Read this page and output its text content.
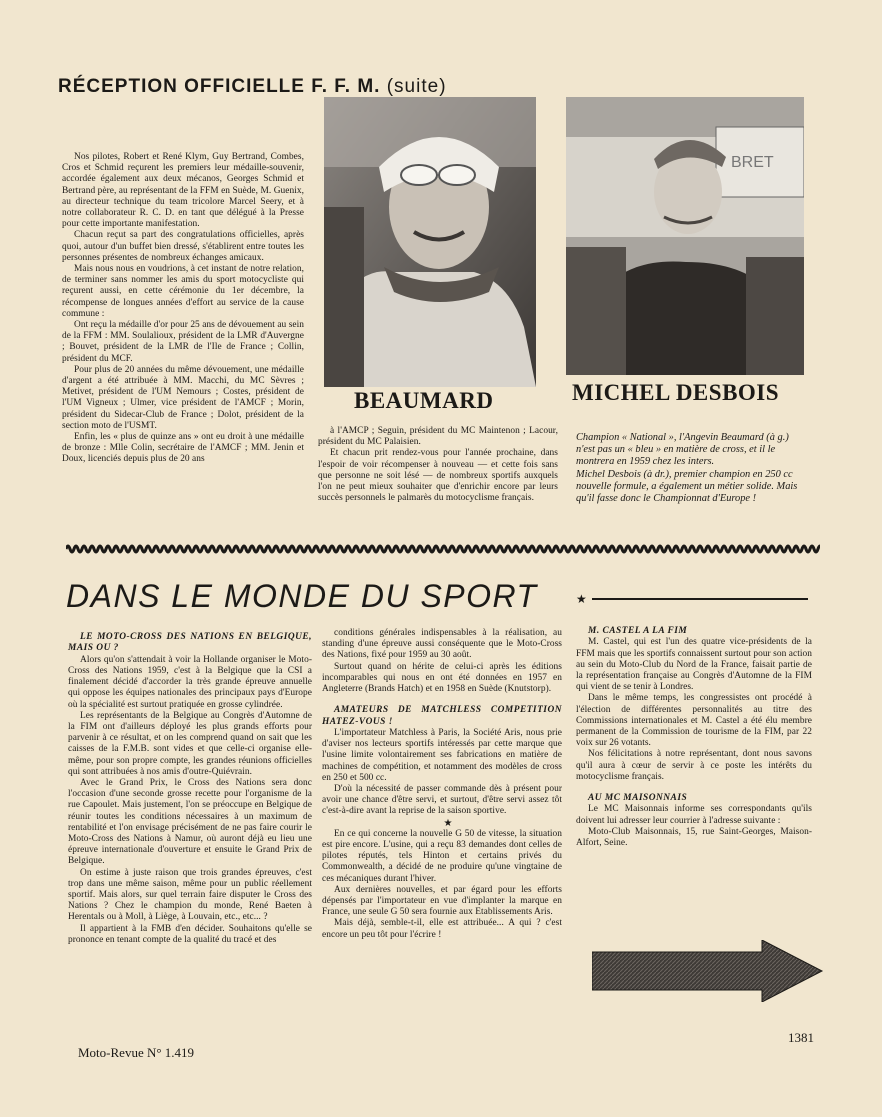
RÉCEPTION OFFICIELLE F. F. M. (suite)

Nos pilotes, Robert et René Klym, Guy Bertrand, Combes, Cros et Schmid reçurent les premiers leur médaille-souvenir, accordée également aux deux mécanos, Georges Schmid et Bertrand père, au représentant de la FFM en Suède, M. Guenix, au directeur technique du team tricolore Marcel Seery, et à notre collaborateur R. C. D. en tant que délégué à la Presse pour cette importante manifestation.

Chacun reçut sa part des congratulations officielles, après quoi, autour d'un buffet bien dressé, s'établirent entre toutes les personnes présentes de nombreux échanges amicaux.

Mais nous nous en voudrions, à cet instant de notre relation, de terminer sans nommer les amis du sport motocycliste qui reçurent aussi, en cette cérémonie du 1er décembre, la récompense de longues années d'effort au service de la cause commune :

Ont reçu la médaille d'or pour 25 ans de dévouement au sein de la FFM : MM. Soulalioux, président de la LMR d'Auvergne ; Bouvet, président de la LMR de l'Ile de France ; Collin, président du MCF.

Pour plus de 20 années du même dévouement, une médaille d'argent a été attribuée à MM. Macchi, du MC Sèvres ; Metivet, président de l'UM Nemours ; Costes, président de l'UM Vigneux ; Ulmer, vice président de l'AMCF ; Morin, président du Sidecar-Club de France ; Dolot, président de la section moto de l'USMT.

Enfin, les « plus de quinze ans » ont eu droit à une médaille de bronze : Mlle Colin, secrétaire de l'AMCF ; MM. Jenin et Doux, licenciés depuis plus de 20 ans

BRET
BEAUMARD	MICHEL DESBOIS

à l'AMCP ; Seguin, président du MC Maintenon ; Lacour, président du MC Palaisien.

Et chacun prit rendez-vous pour l'année prochaine, dans l'espoir de voir récompenser à nouveau — et cette fois sans que personne ne soit lésé — de nombreux sportifs auxquels l'on ne peut mieux souhaiter que d'enrichir encore par leurs succès personnels le palmarès du motocyclisme français.

Champion « National », l'Angevin Beaumard (à g.) n'est pas un « bleu » en matière de cross, et il le montrera en 1959 chez les inters.

Michel Desbois (à dr.), premier champion en 250 cc nouvelle formule, a également un métier solide. Mais qu'il fasse donc le Championnat d'Europe !

DANS LE MONDE DU SPORT	★

LE MOTO-CROSS DES NATIONS EN BELGIQUE, MAIS OU ?

Alors qu'on s'attendait à voir la Hollande organiser le Moto-Cross des Nations 1959, c'est à la Belgique que la CSI a finalement décidé d'accorder la très grande épreuve annuelle qui oppose les équipes nationales des principaux pays d'Europe où la spécialité est surtout pratiquée en grosse cylindrée.

Les représentants de la Belgique au Congrès d'Automne de la FIM ont d'ailleurs déployé les plus grands efforts pour parvenir à ce résultat, et on les comprend quand on sait que les caisses de la F.M.B. sont vides et que celle-ci organise elle-même, pour son propre compte, les grandes réunions officielles qui sont attribuées à nos amis d'outre-Quiévrain.

Avec le Grand Prix, le Cross des Nations sera donc l'occasion d'une seconde grosse recette pour l'organisme de la rue Capoulet. Mais justement, l'on se préoccupe en Belgique de réunir toutes les conditions nécessaires à un maximum de rentabilité et l'on envisage précisément de ne pas faire courir le Moto-Cross des Nations à Namur, où auront déjà eu lieu une épreuve internationale d'ouverture et ensuite le Grand Prix de Belgique.

On estime à juste raison que trois grandes épreuves, c'est trop dans une même saison, même pour un public réellement sportif. Mais alors, sur quel terrain faire disputer le Cross des Nations ? Chez le champion du monde, René Baeten à Herentals ou à Moll, à Liège, à Louvain, etc., etc... ?

Il appartient à la FMB d'en décider. Souhaitons qu'elle se prononce en tenant compte de la qualité du tracé et des

conditions générales indispensables à la réalisation, au standing d'une épreuve aussi conséquente que le Moto-Cross des Nations, fixé pour 1959 au 30 août.

Surtout quand on hérite de celui-ci après les éditions incomparables qui nous en ont été données en 1957 en Angleterre (Brands Hatch) et en 1958 en Suède (Knutstorp).

AMATEURS DE MATCHLESS COMPETITION HATEZ-VOUS !

L'importateur Matchless à Paris, la Société Aris, nous prie d'aviser nos lecteurs sportifs intéressés par cette marque que l'usine limite volontairement ses fabrications en matière de machines de compétition, et notamment des modèles de cross en 250 et 500 cc.

D'où la nécessité de passer commande dès à présent pour avoir une chance d'être servi, et surtout, d'être servi assez tôt c'est-à-dire avant la reprise de la saison sportive.

★

En ce qui concerne la nouvelle G 50 de vitesse, la situation est pire encore. L'usine, qui a reçu 83 demandes dont celles de pilotes réputés, tels Hinton et certains privés du Commonwealth, a décidé de ne produire qu'une vingtaine de ces mécaniques durant l'hiver.

Aux dernières nouvelles, et par égard pour les efforts dépensés par l'importateur en vue d'implanter la marque en France, une seule G 50 sera fournie aux Etablissements Aris.

Mais déjà, semble-t-il, elle est attribuée... A qui ? c'est encore un peu tôt pour l'écrire !

M. CASTEL A LA FIM

M. Castel, qui est l'un des quatre vice-présidents de la FFM mais que les sportifs connaissent surtout pour son action au sein du Moto-Club du Nord de la France, faisait partie de la représentation française au Congrès d'Automne de la FIM qui vient de se tenir à Londres.

Dans le même temps, les congressistes ont procédé à l'élection de différentes personnalités au titre des Commissions internationales et M. Castel a été élu membre permanent de la Commission de tourisme de la FIM, par 22 voix sur 26 votants.

Nos félicitations à notre représentant, dont nous savons qu'il aura à cœur de servir à ce poste les intérêts du motocyclisme français.

AU MC MAISONNAIS

Le MC Maisonnais informe ses correspondants qu'ils doivent lui adresser leur courrier à l'adresse suivante :

Moto-Club Maisonnais, 15, rue Saint-Georges, Maison-Alfort, Seine.

Moto-Revue N° 1.419
1381
